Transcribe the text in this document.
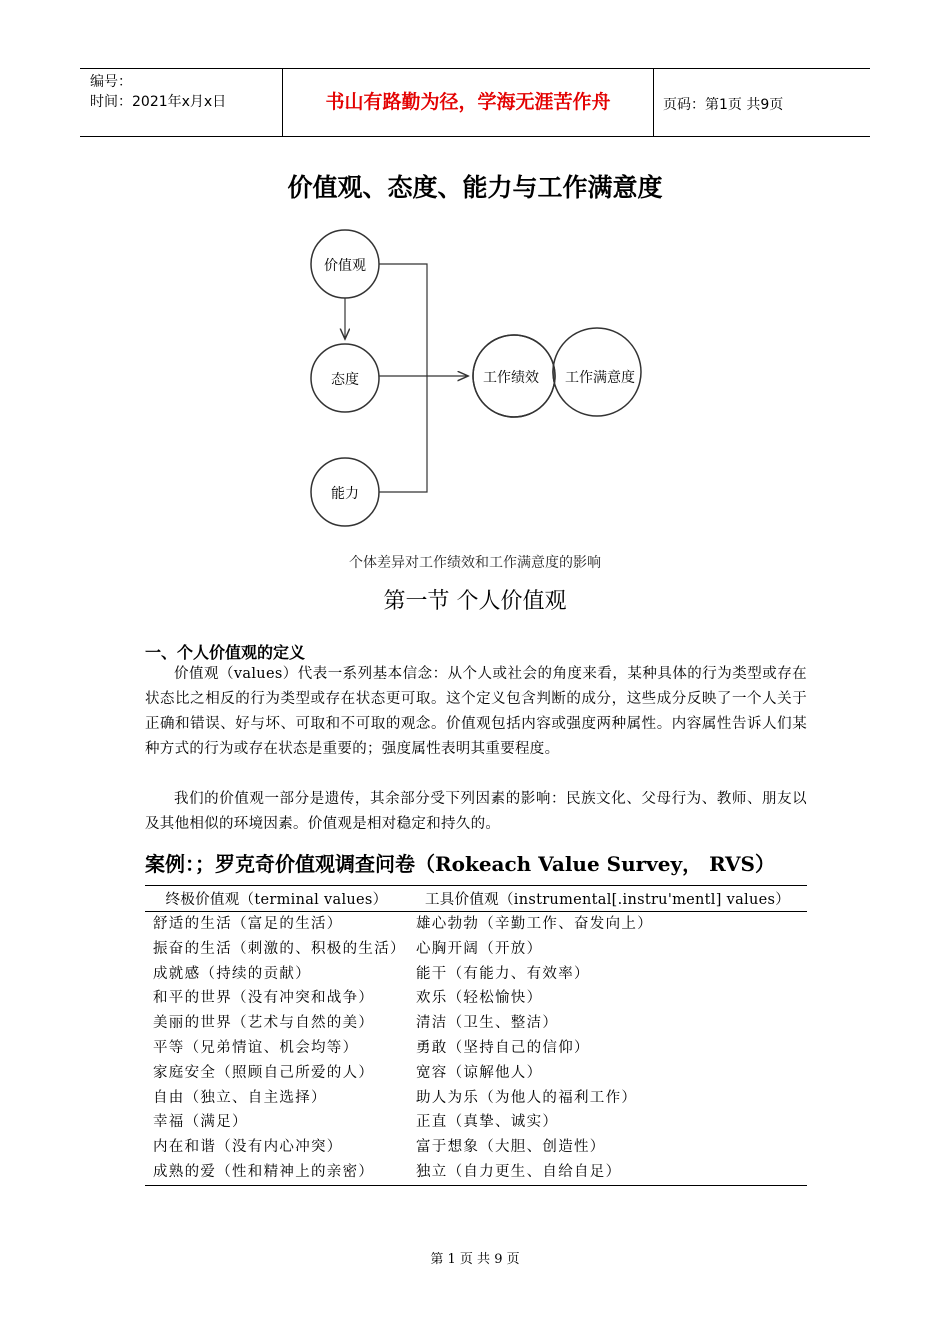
编号：
时间：2021年x月x日	书山有路勤为径，学海无涯苦作舟	页码：第1页 共9页
价值观、态度、能力与工作满意度
价值观
态度
能力
工作绩效 工作满意度
个体差异对工作绩效和工作满意度的影响
第一节 个人价值观
一、个人价值观的定义
价值观（values）代表一系列基本信念：从个人或社会的角度来看，某种具体的行为类型或存在状态比之相反的行为类型或存在状态更可取。这个定义包含判断的成分，这些成分反映了一个人关于正确和错误、好与坏、可取和不可取的观念。价值观包括内容或强度两种属性。内容属性告诉人们某种方式的行为或存在状态是重要的；强度属性表明其重要程度。
我们的价值观一部分是遗传，其余部分受下列因素的影响：民族文化、父母行为、教师、朋友以及其他相似的环境因素。价值观是相对稳定和持久的。
案例：；罗克奇价值观调查问卷（Rokeach Value Survey， RVS）
终极价值观（terminal values）	工具价值观（instrumental[.instru'mentl] values）
舒适的生活（富足的生活）	雄心勃勃（辛勤工作、奋发向上）
振奋的生活（刺激的、积极的生活）	心胸开阔（开放）
成就感（持续的贡献）	能干（有能力、有效率）
和平的世界（没有冲突和战争）	欢乐（轻松愉快）
美丽的世界（艺术与自然的美）	清洁（卫生、整洁）
平等（兄弟情谊、机会均等）	勇敢（坚持自己的信仰）
家庭安全（照顾自己所爱的人）	宽容（谅解他人）
自由（独立、自主选择）	助人为乐（为他人的福利工作）
幸福（满足）	正直（真挚、诚实）
内在和谐（没有内心冲突）	富于想象（大胆、创造性）
成熟的爱（性和精神上的亲密）	独立（自力更生、自给自足）
第 1 页 共 9 页
